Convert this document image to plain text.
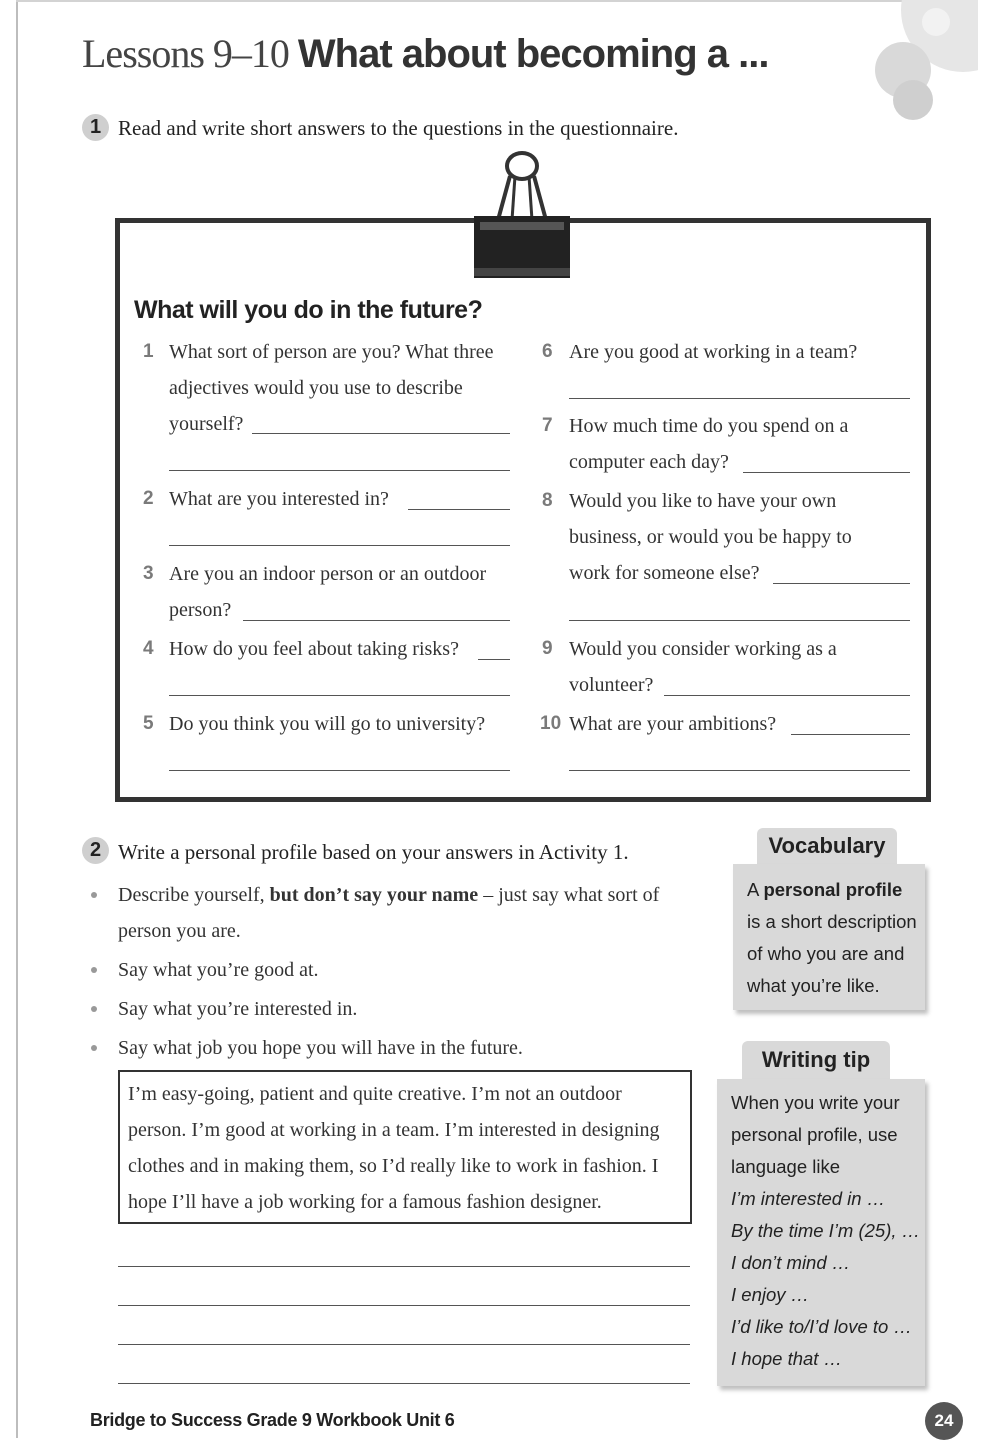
Lessons 9–10 What about becoming a ...
1 Read and write short answers to the questions in the questionnaire.
What will you do in the future?
1 What sort of person are you? What three
adjectives would you use to describe
yourself?
2 What are you interested in?
3 Are you an indoor person or an outdoor
person?
4 How do you feel about taking risks?
5 Do you think you will go to university?
6 Are you good at working in a team?
7 How much time do you spend on a
computer each day?
8 Would you like to have your own
business, or would you be happy to
work for someone else?
9 Would you consider working as a
volunteer?
10 What are your ambitions?
2 Write a personal profile based on your answers in Activity 1.
Describe yourself, but don’t say your name – just say what sort of
person you are.
Say what you’re good at.
Say what you’re interested in.
Say what job you hope you will have in the future.
I’m easy-going, patient and quite creative. I’m not an outdoor
person. I’m good at working in a team. I’m interested in designing
clothes and in making them, so I’d really like to work in fashion. I
hope I’ll have a job working for a famous fashion designer.
Vocabulary
A personal profile
is a short description
of who you are and
what you’re like.
Writing tip
When you write your
personal profile, use
language like
I’m interested in …
By the time I’m (25), …
I don’t mind …
I enjoy …
I’d like to/I’d love to …
I hope that …
Bridge to Success Grade 9 Workbook Unit 6	24
